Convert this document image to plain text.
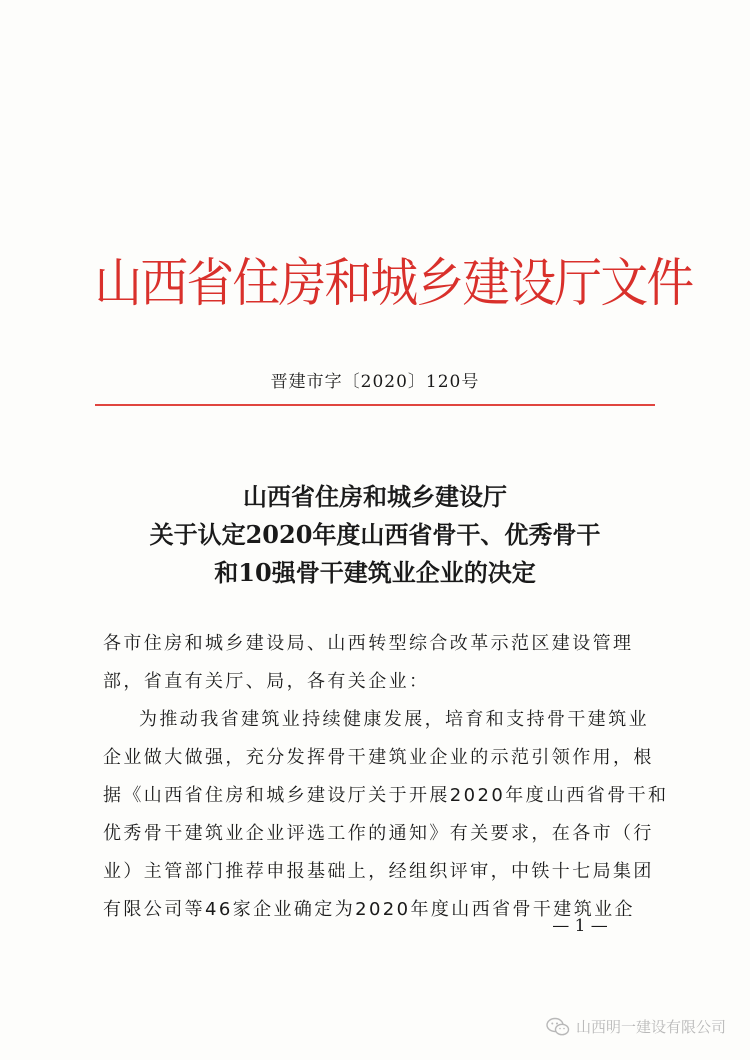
山西省住房和城乡建设厅文件
晋建市字〔2020〕120号
山西省住房和城乡建设厅
关于认定2020年度山西省骨干、优秀骨干
和10强骨干建筑业企业的决定
各市住房和城乡建设局、山西转型综合改革示范区建设管理
部，省直有关厅、局，各有关企业：
为推动我省建筑业持续健康发展，培育和支持骨干建筑业
企业做大做强，充分发挥骨干建筑业企业的示范引领作用，根
据《山西省住房和城乡建设厅关于开展2020年度山西省骨干和
优秀骨干建筑业企业评选工作的通知》有关要求，在各市（行
业）主管部门推荐申报基础上，经组织评审，中铁十七局集团
有限公司等46家企业确定为2020年度山西省骨干建筑业企
— 1 —
山西明一建设有限公司
